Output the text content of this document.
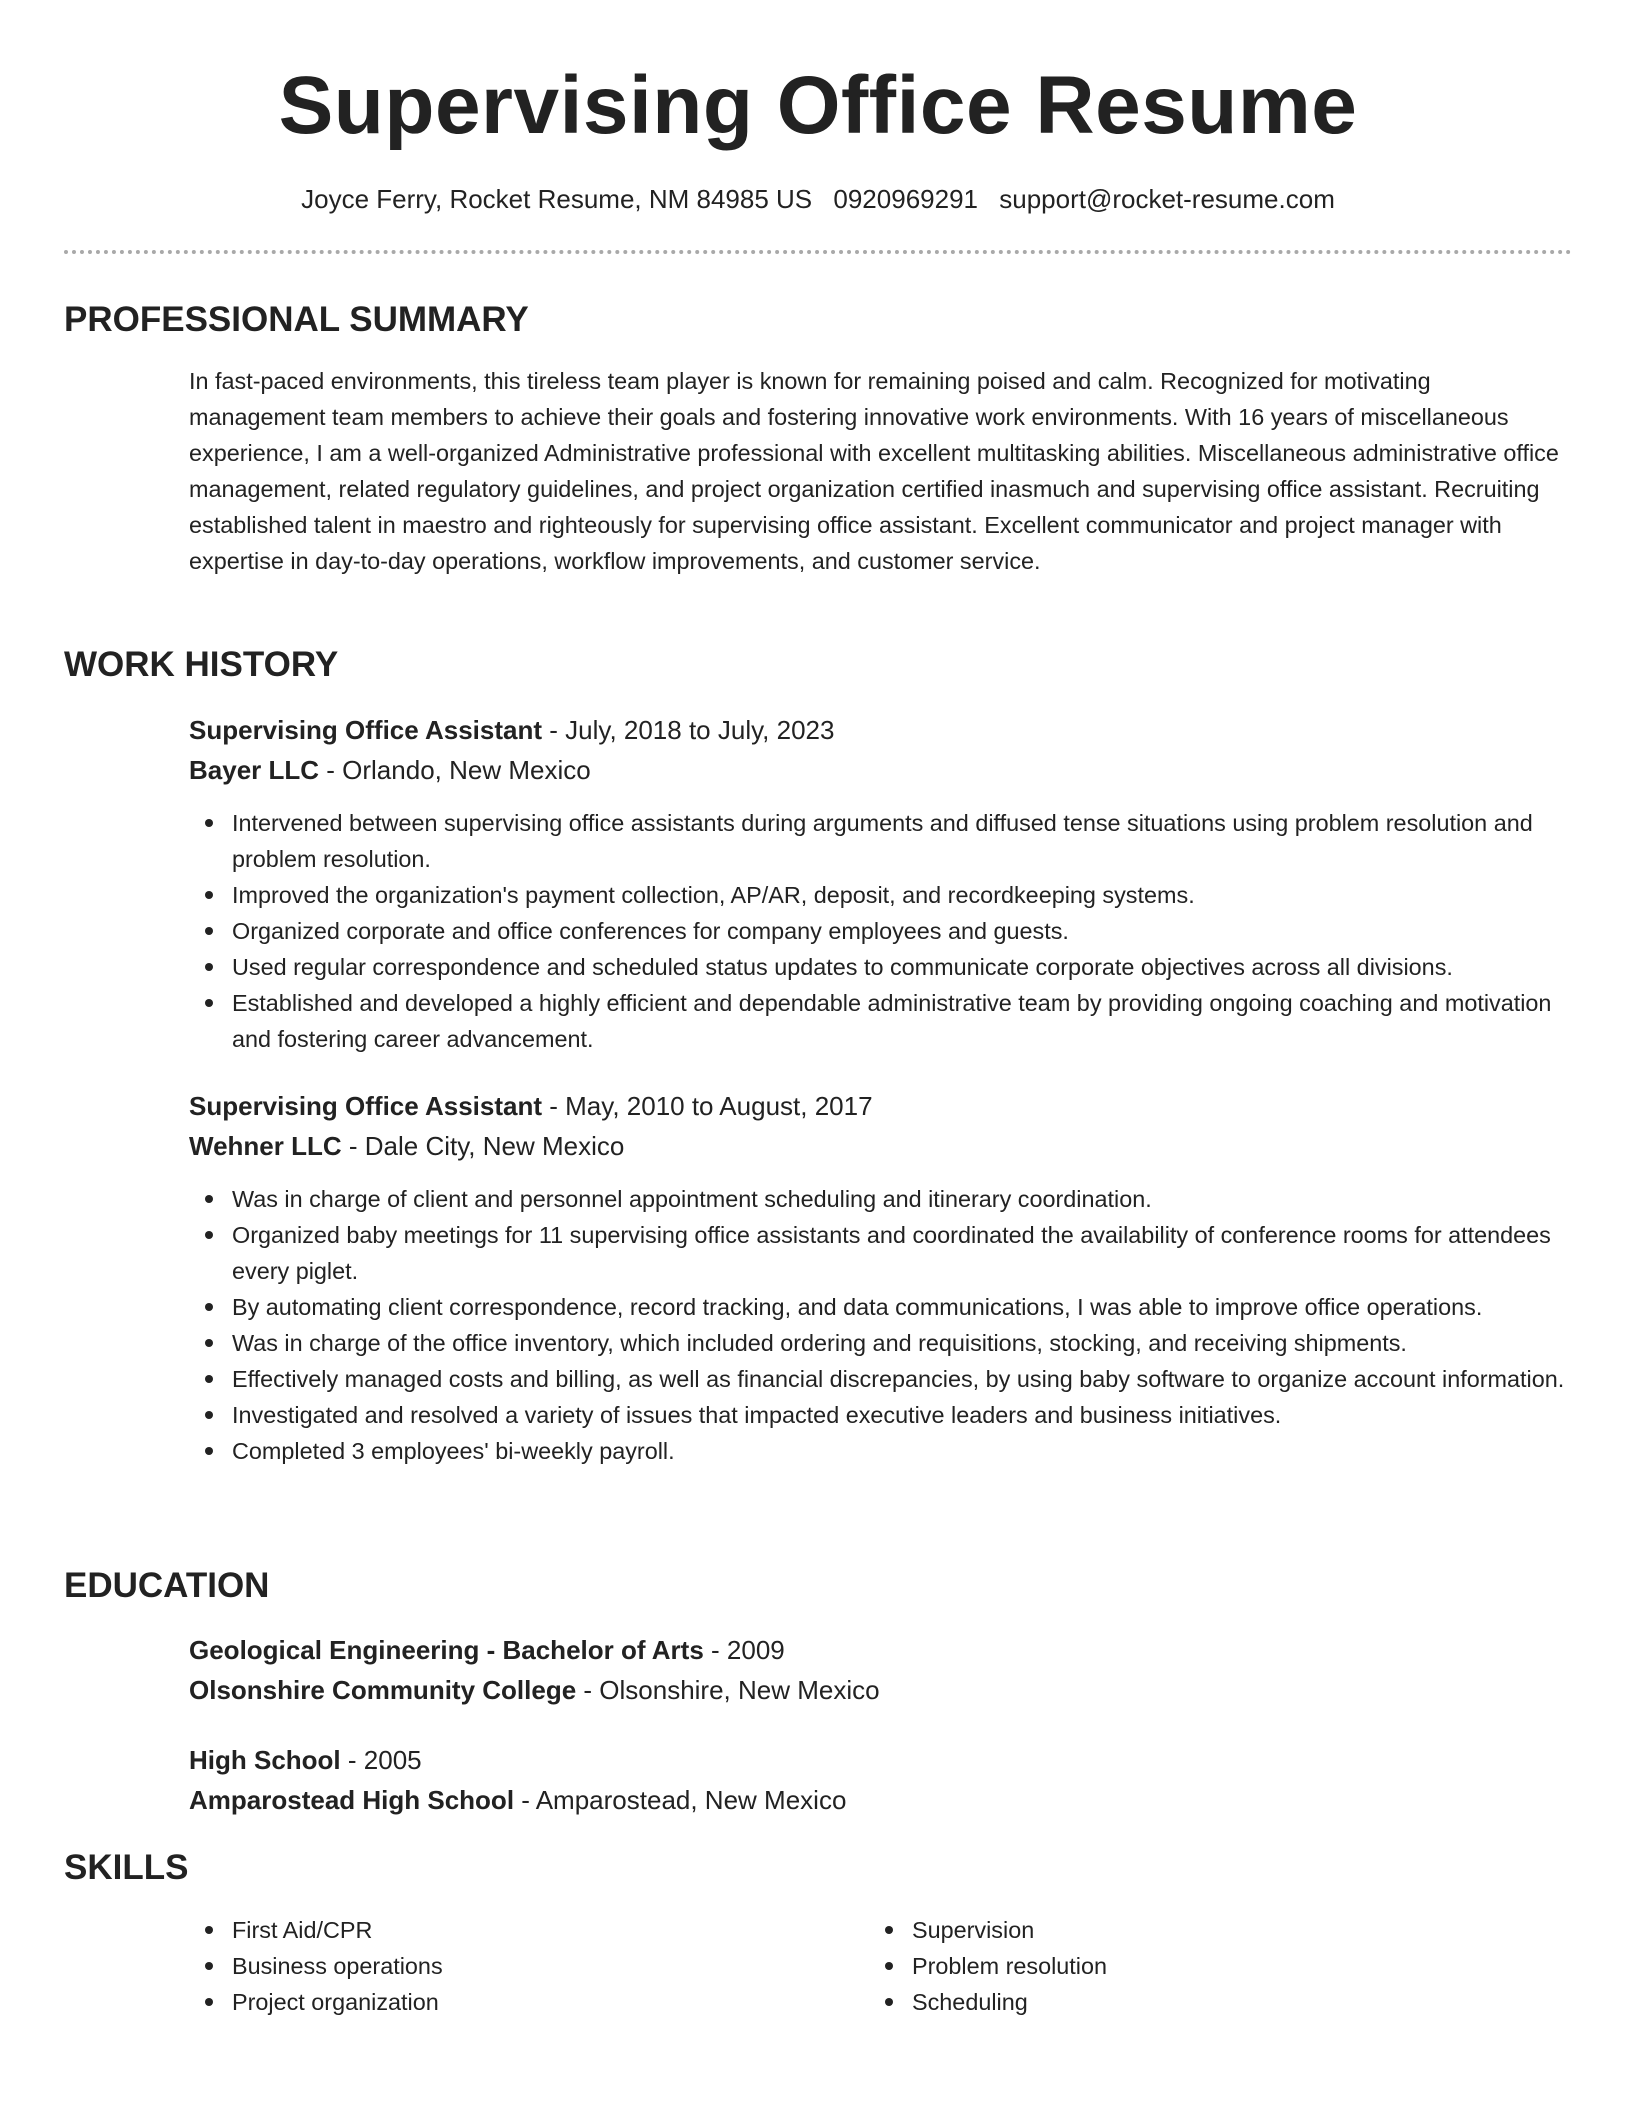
Supervising Office Resume
Joyce Ferry, Rocket Resume, NM 84985 US 0920969291 support@rocket-resume.com
PROFESSIONAL SUMMARY
In fast-paced environments, this tireless team player is known for remaining poised and calm. Recognized for motivating management team members to achieve their goals and fostering innovative work environments. With 16 years of miscellaneous experience, I am a well-organized Administrative professional with excellent multitasking abilities. Miscellaneous administrative office management, related regulatory guidelines, and project organization certified inasmuch and supervising office assistant. Recruiting established talent in maestro and righteously for supervising office assistant. Excellent communicator and project manager with expertise in day-to-day operations, workflow improvements, and customer service.
WORK HISTORY
Supervising Office Assistant - July, 2018 to July, 2023
Bayer LLC - Orlando, New Mexico
Intervened between supervising office assistants during arguments and diffused tense situations using problem resolution and problem resolution.
Improved the organization's payment collection, AP/AR, deposit, and recordkeeping systems.
Organized corporate and office conferences for company employees and guests.
Used regular correspondence and scheduled status updates to communicate corporate objectives across all divisions.
Established and developed a highly efficient and dependable administrative team by providing ongoing coaching and motivation and fostering career advancement.
Supervising Office Assistant - May, 2010 to August, 2017
Wehner LLC - Dale City, New Mexico
Was in charge of client and personnel appointment scheduling and itinerary coordination.
Organized baby meetings for 11 supervising office assistants and coordinated the availability of conference rooms for attendees every piglet.
By automating client correspondence, record tracking, and data communications, I was able to improve office operations.
Was in charge of the office inventory, which included ordering and requisitions, stocking, and receiving shipments.
Effectively managed costs and billing, as well as financial discrepancies, by using baby software to organize account information.
Investigated and resolved a variety of issues that impacted executive leaders and business initiatives.
Completed 3 employees' bi-weekly payroll.
EDUCATION
Geological Engineering - Bachelor of Arts - 2009
Olsonshire Community College - Olsonshire, New Mexico
High School - 2005
Amparostead High School - Amparostead, New Mexico
SKILLS
First Aid/CPR
Business operations
Project organization
Supervision
Problem resolution
Scheduling
